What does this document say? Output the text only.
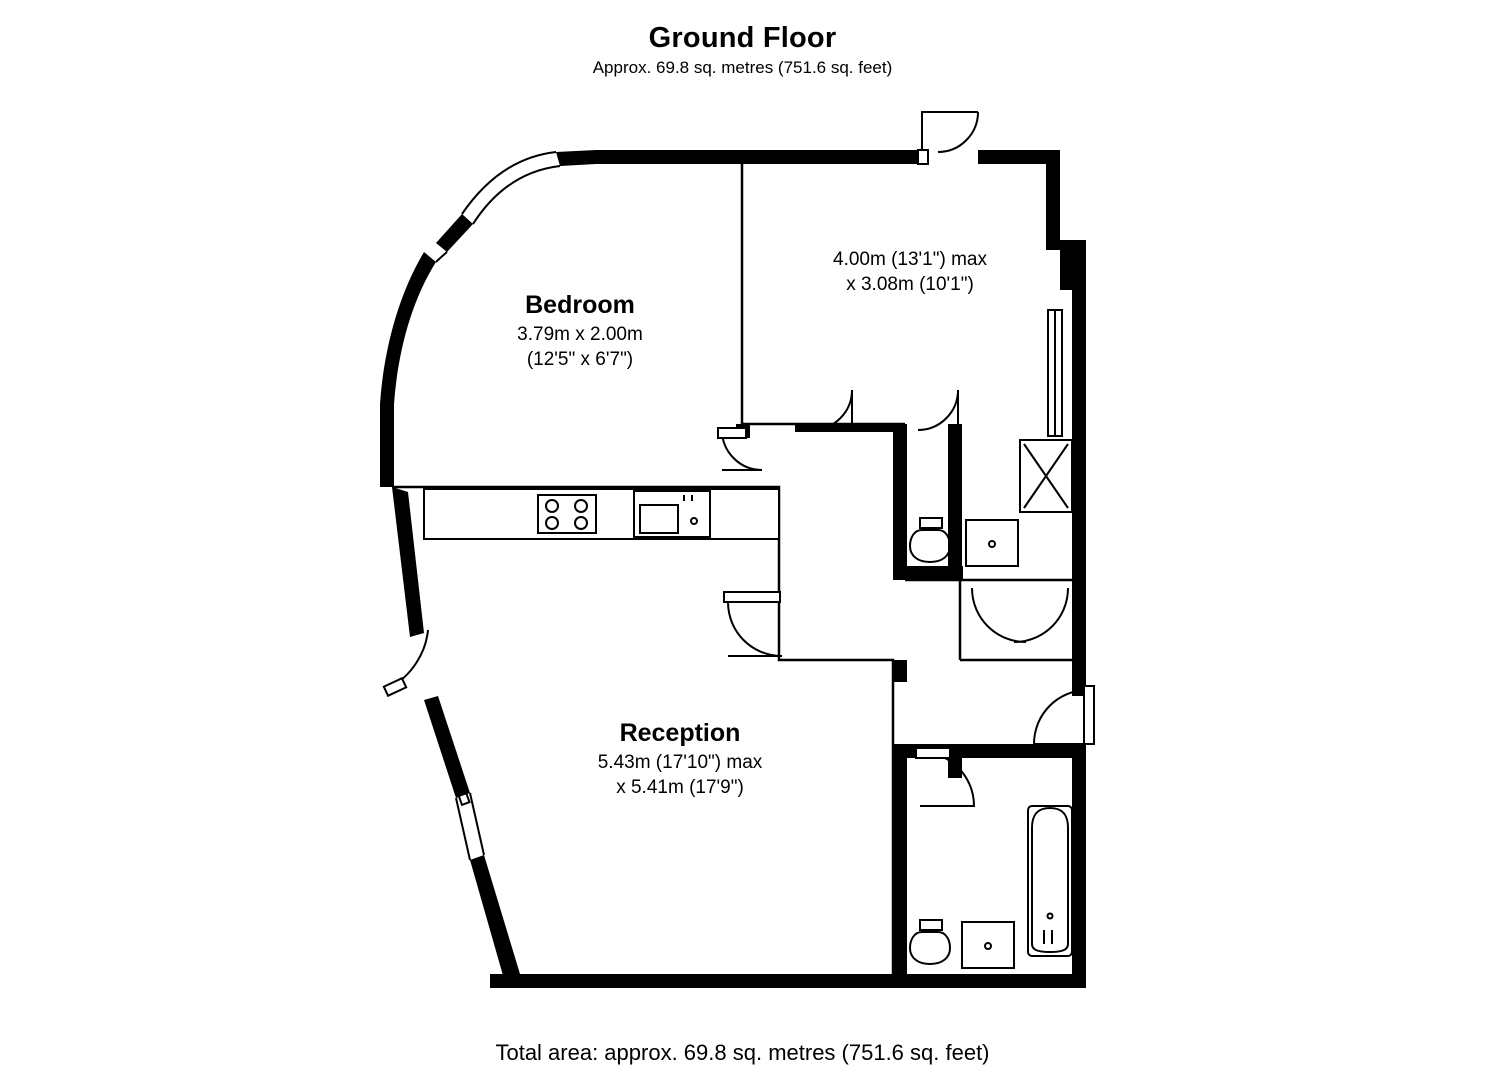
Ground Floor
Approx. 69.8 sq. metres (751.6 sq. feet)
Bedroom
3.79m x 2.00m
(12'5" x 6'7")
4.00m (13'1") max
x 3.08m (10'1")
Reception
5.43m (17'10") max
x 5.41m (17'9")
Total area: approx. 69.8 sq. metres (751.6 sq. feet)
